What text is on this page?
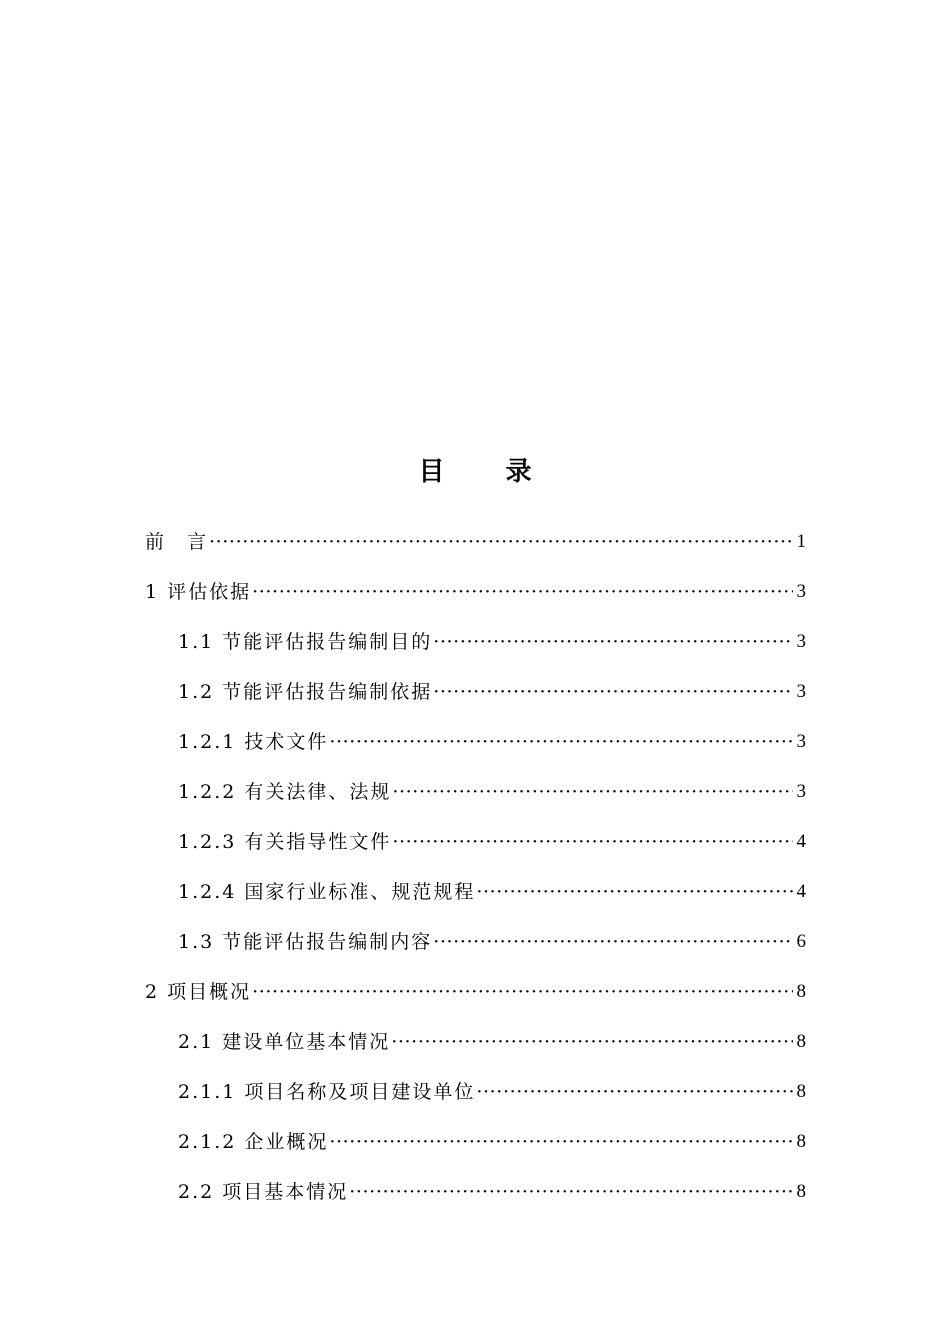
目 录
前　言 ·····	1
1 评估依据 ·····	3
1.1 节能评估报告编制目的 ·····	3
1.2 节能评估报告编制依据 ·····	3
1.2.1 技术文件 ·····	3
1.2.2 有关法律、法规 ·····	3
1.2.3 有关指导性文件 ·····	4
1.2.4 国家行业标准、规范规程 ·····	4
1.3 节能评估报告编制内容 ·····	6
2 项目概况 ·····	8
2.1 建设单位基本情况 ·····	8
2.1.1 项目名称及项目建设单位 ·····	8
2.1.2 企业概况 ·····	8
2.2 项目基本情况 ·····	8
